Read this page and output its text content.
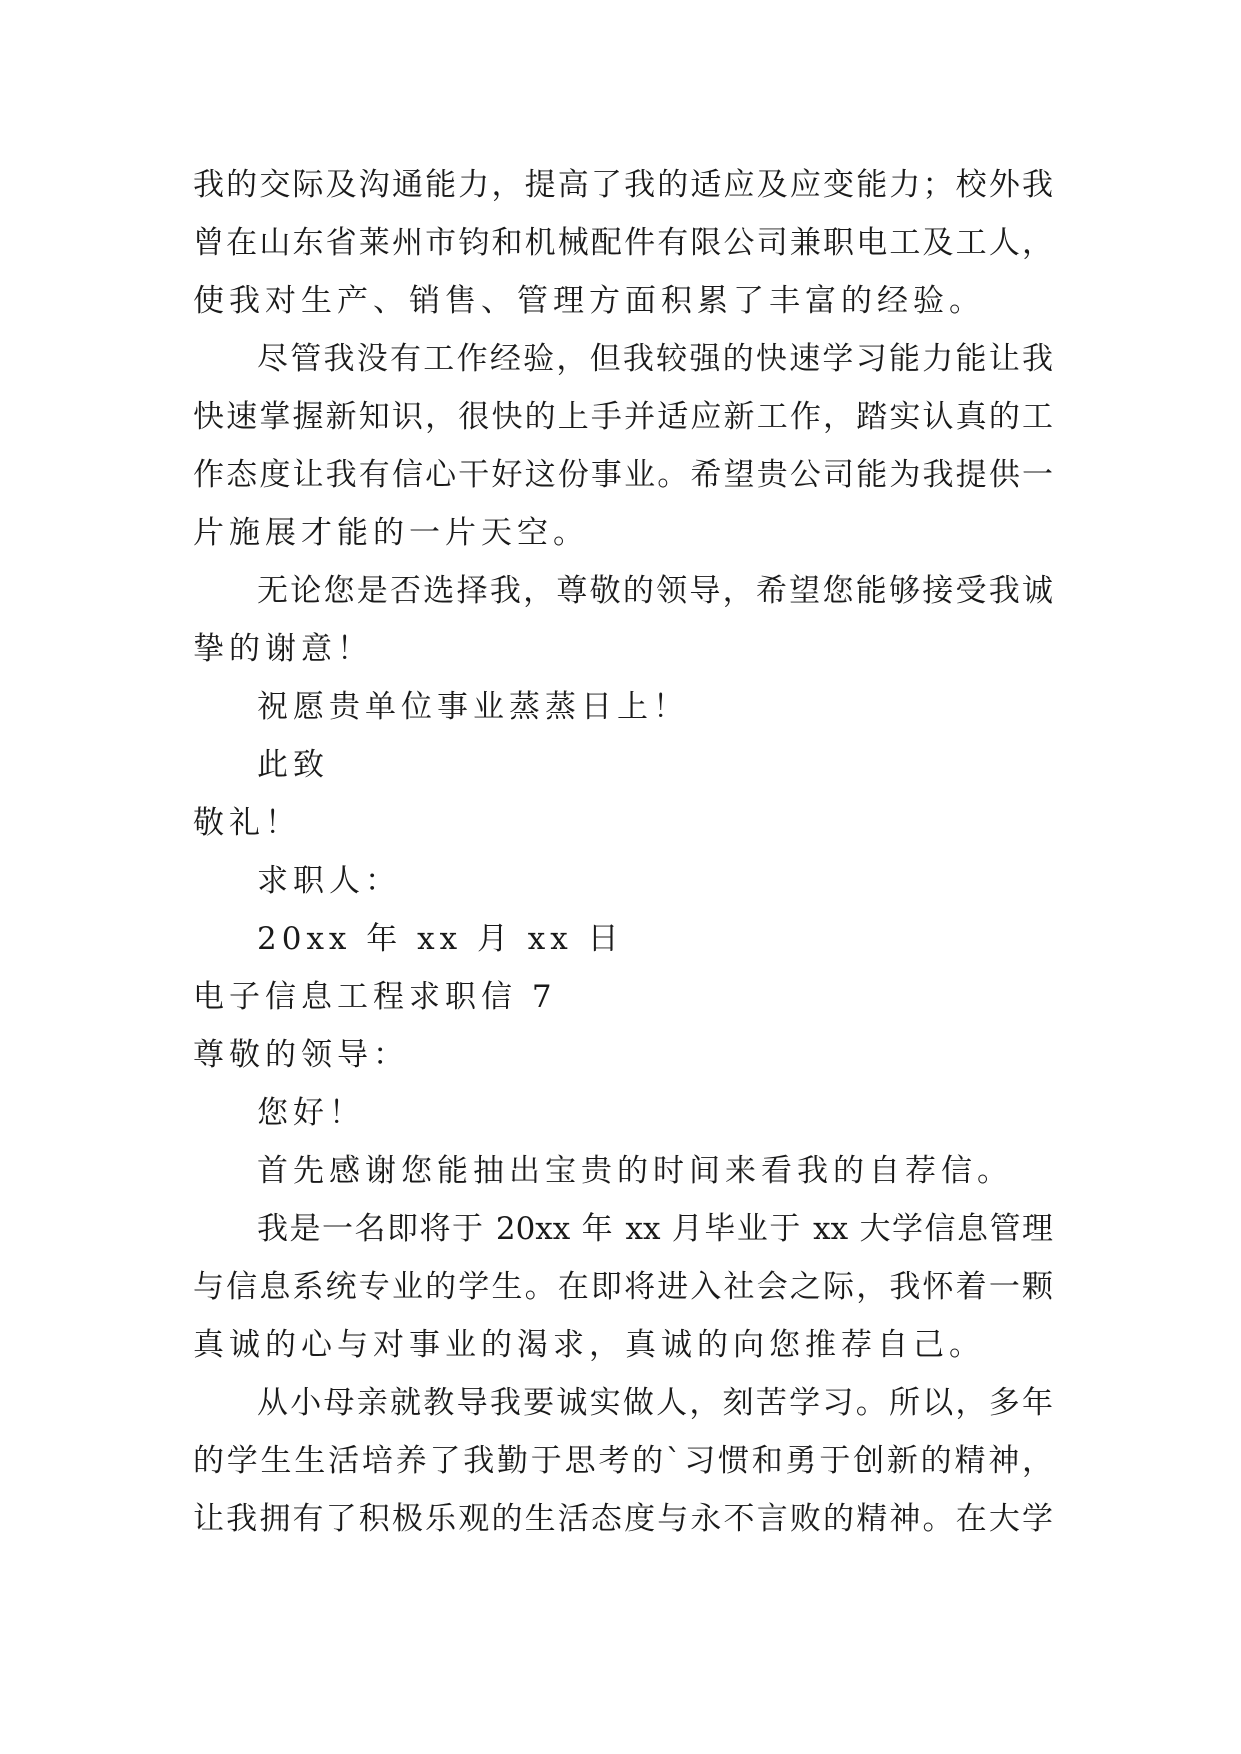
我的交际及沟通能力，提高了我的适应及应变能力；校外我
曾在山东省莱州市钧和机械配件有限公司兼职电工及工人，
使我对生产、销售、管理方面积累了丰富的经验。
尽管我没有工作经验，但我较强的快速学习能力能让我
快速掌握新知识，很快的上手并适应新工作，踏实认真的工
作态度让我有信心干好这份事业。希望贵公司能为我提供一
片施展才能的一片天空。
无论您是否选择我，尊敬的领导，希望您能够接受我诚
挚的谢意！
祝愿贵单位事业蒸蒸日上！
此致
敬礼！
求职人：
20xx 年 xx 月 xx 日
电子信息工程求职信 7
尊敬的领导：
您好！
首先感谢您能抽出宝贵的时间来看我的自荐信。
我是一名即将于 20xx 年 xx 月毕业于 xx 大学信息管理
与信息系统专业的学生。在即将进入社会之际，我怀着一颗
真诚的心与对事业的渴求，真诚的向您推荐自己。
从小母亲就教导我要诚实做人，刻苦学习。所以，多年
的学生生活培养了我勤于思考的`习惯和勇于创新的精神，
让我拥有了积极乐观的生活态度与永不言败的精神。在大学
